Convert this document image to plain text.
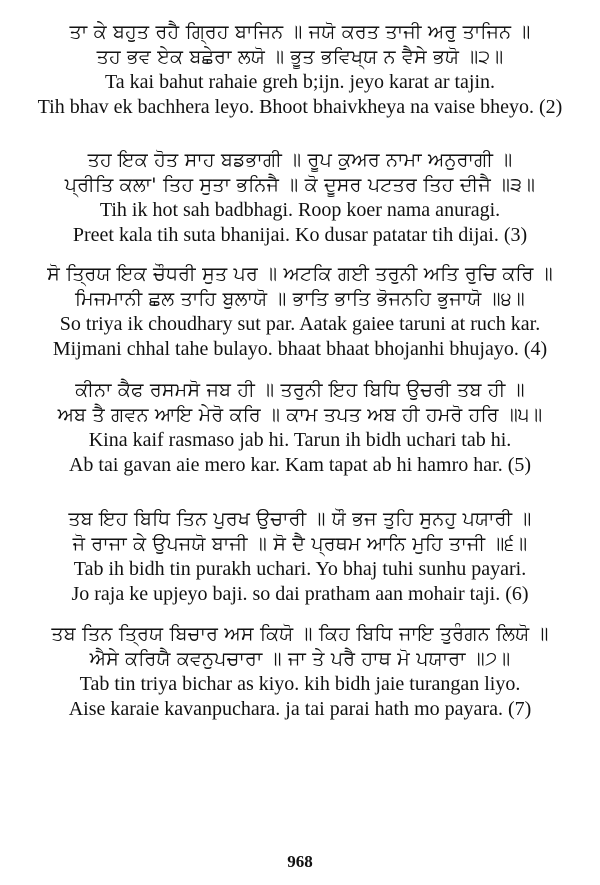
ਤਾ ਕੇ ਬਹੁਤ ਰਹੈ ਗ੍ਰਿਹ ਬਾਜਿਨ ॥ ਜਯੋ ਕਰਤ ਤਾਜੀ ਅਰੁ ਤਾਜਿਨ ॥
ਤਹ ਭਵ ਏਕ ਬਛੇਰਾ ਲਯੋ ॥ ਭੂਤ ਭਵਿਖ੍ਯ ਨ ਵੈਸੇ ਭਯੋ ॥੨॥
Ta kai bahut rahaie greh b;ijn. jeyo karat ar tajin.
Tih bhav ek bachhera leyo. Bhoot bhaivkheya na vaise bheyo. (2)
ਤਹ ਇਕ ਹੋਤ ਸਾਹ ਬਡਭਾਗੀ ॥ ਰੂਪ ਕੁਅਰ ਨਾਮਾ ਅਨੁਰਾਗੀ ॥
ਪ੍ਰੀਤਿ ਕਲਾ' ਤਿਹ ਸੁਤਾ ਭਨਿਜੈ ॥ ਕੋ ਦੂਸਰ ਪਟਤਰ ਤਿਹ ਦੀਜੈ ॥੩॥
Tih ik hot sah badbhagi. Roop koer nama anuragi.
Preet kala tih suta bhanijai. Ko dusar patatar tih dijai. (3)
ਸੋ ਤ੍ਰਿਯ ਇਕ ਚੌਧਰੀ ਸੁਤ ਪਰ ॥ ਅਟਕਿ ਗਈ ਤਰੁਨੀ ਅਤਿ ਰੁਚਿ ਕਰਿ ॥
ਮਿਜਮਾਨੀ ਛਲ ਤਾਹਿ ਬੁਲਾਯੋ ॥ ਭਾਤਿ ਭਾਤਿ ਭੋਜਨਹਿ ਭੁਜਾਯੋ ॥੪॥
So triya ik choudhary sut par. Aatak gaiee taruni at ruch kar.
Mijmani chhal tahe bulayo. bhaat bhaat bhojanhi bhujayo. (4)
ਕੀਨਾ ਕੈਫ ਰਸਮਸੋ ਜਬ ਹੀ ॥ ਤਰੁਨੀ ਇਹ ਬਿਧਿ ਉਚਰੀ ਤਬ ਹੀ ॥
ਅਬ ਤੈ ਗਵਨ ਆਇ ਮੇਰੋ ਕਰਿ ॥ ਕਾਮ ਤਪਤ ਅਬ ਹੀ ਹਮਰੋ ਹਰਿ ॥੫॥
Kina kaif rasmaso jab hi. Tarun ih bidh uchari tab hi.
Ab tai gavan aie mero kar. Kam tapat ab hi hamro har. (5)
ਤਬ ਇਹ ਬਿਧਿ ਤਿਨ ਪੁਰਖ ਉਚਾਰੀ ॥ ਯੌ ਭਜ ਤੁਹਿ ਸੁਨਹੁ ਪਯਾਰੀ ॥
ਜੋ ਰਾਜਾ ਕੇ ਉਪਜਯੋ ਬਾਜੀ ॥ ਸੋ ਦੈ ਪ੍ਰਥਮ ਆਨਿ ਮੁਹਿ ਤਾਜੀ ॥੬॥
Tab ih bidh tin purakh uchari. Yo bhaj tuhi sunhu payari.
Jo raja ke upjeyo baji. so dai pratham aan mohair taji. (6)
ਤਬ ਤਿਨ ਤ੍ਰਿਯ ਬਿਚਾਰ ਅਸ ਕਿਯੋ ॥ ਕਿਹ ਬਿਧਿ ਜਾਇ ਤੁਰੰਗਨ ਲਿਯੋ ॥
ਐਸੇ ਕਰਿਯੈ ਕਵਨੁਪਚਾਰਾ ॥ ਜਾ ਤੇ ਪਰੈ ਹਾਥ ਮੋ ਪਯਾਰਾ ॥੭॥
Tab tin triya bichar as kiyo. kih bidh jaie turangan liyo.
Aise karaie kavanpuchara. ja tai parai hath mo payara. (7)
968
